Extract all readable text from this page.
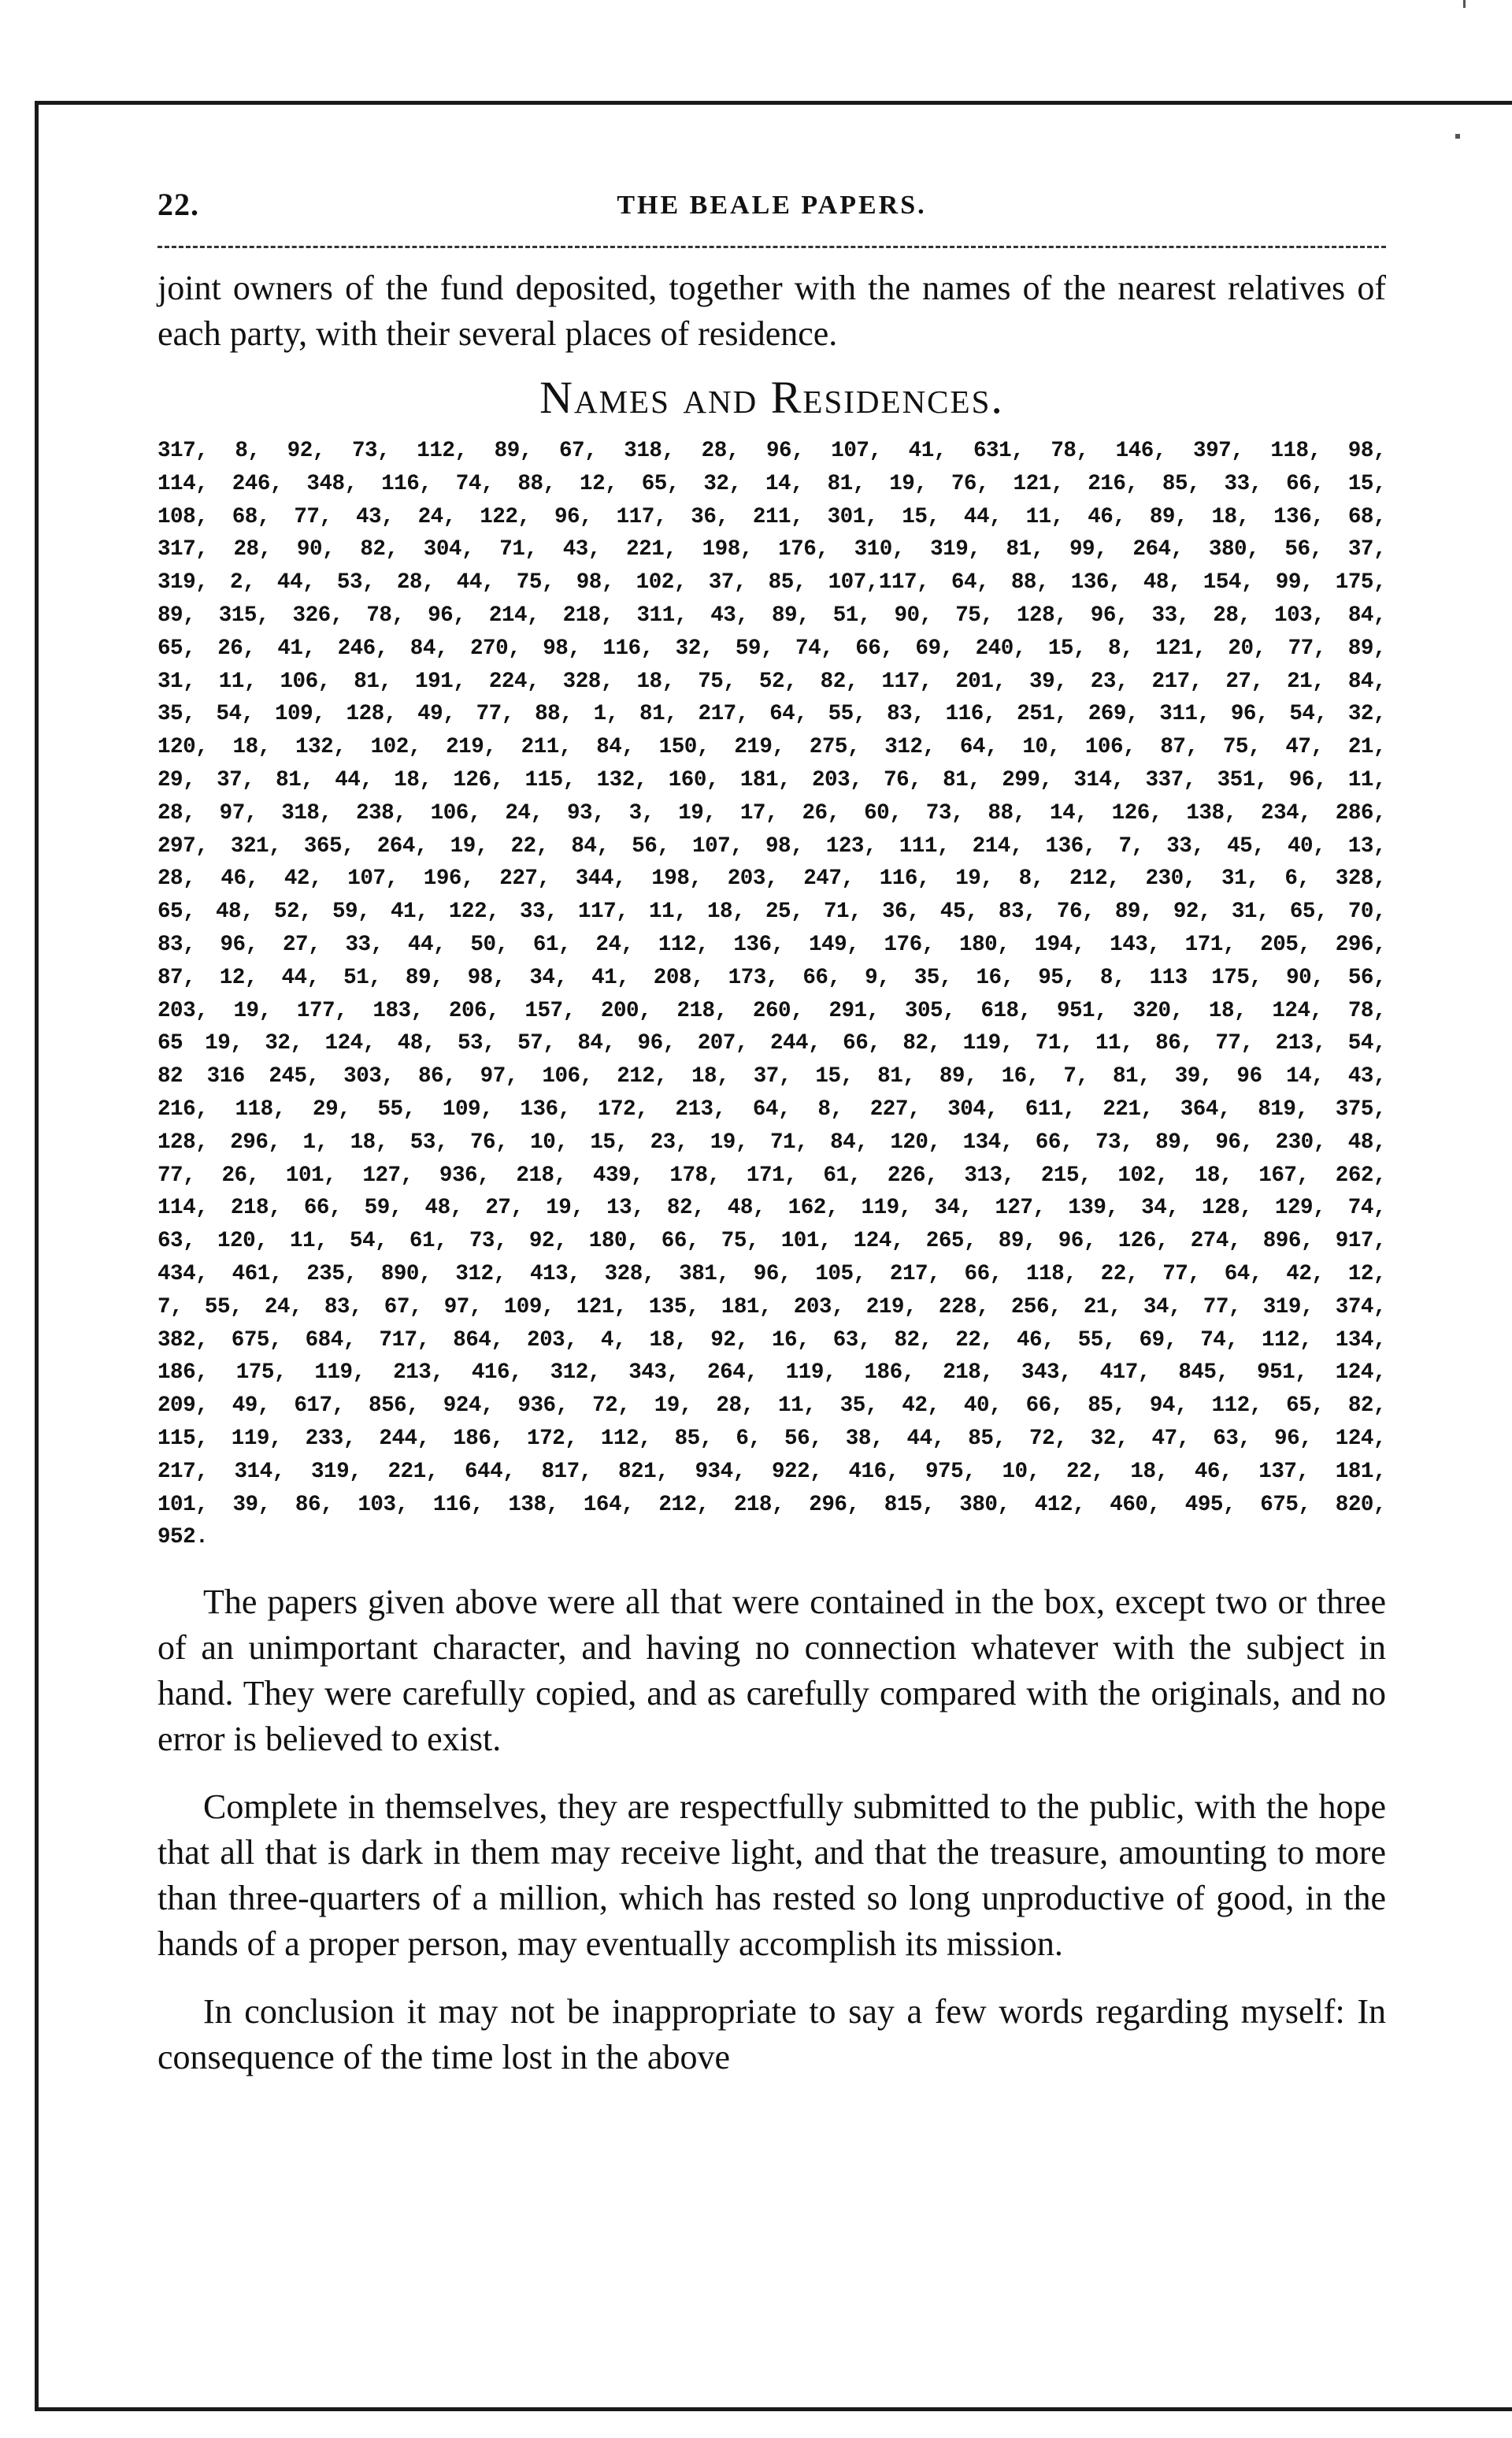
22.	THE BEALE PAPERS.

joint owners of the fund deposited, together with the names of the nearest relatives of each party, with their several places of residence.

Names and Residences.
317, 8, 92, 73, 112, 89, 67, 318, 28, 96, 107, 41, 631, 78, 146, 397, 118, 98,
114, 246, 348, 116, 74, 88, 12, 65, 32, 14, 81, 19, 76, 121, 216, 85, 33, 66, 15,
108, 68, 77, 43, 24, 122, 96, 117, 36, 211, 301, 15, 44, 11, 46, 89, 18, 136, 68,
317, 28, 90, 82, 304, 71, 43, 221, 198, 176, 310, 319, 81, 99, 264, 380, 56, 37,
319, 2, 44, 53, 28, 44, 75, 98, 102, 37, 85, 107,117, 64, 88, 136, 48, 154, 99, 175,
89, 315, 326, 78, 96, 214, 218, 311, 43, 89, 51, 90, 75, 128, 96, 33, 28, 103, 84,
65, 26, 41, 246, 84, 270, 98, 116, 32, 59, 74, 66, 69, 240, 15, 8, 121, 20, 77, 89,
31, 11, 106, 81, 191, 224, 328, 18, 75, 52, 82, 117, 201, 39, 23, 217, 27, 21, 84,
35, 54, 109, 128, 49, 77, 88, 1, 81, 217, 64, 55, 83, 116, 251, 269, 311, 96, 54, 32,
120, 18, 132, 102, 219, 211, 84, 150, 219, 275, 312, 64, 10, 106, 87, 75, 47, 21,
29, 37, 81, 44, 18, 126, 115, 132, 160, 181, 203, 76, 81, 299, 314, 337, 351, 96, 11,
28, 97, 318, 238, 106, 24, 93, 3, 19, 17, 26, 60, 73, 88, 14, 126, 138, 234, 286,
297, 321, 365, 264, 19, 22, 84, 56, 107, 98, 123, 111, 214, 136, 7, 33, 45, 40, 13,
28, 46, 42, 107, 196, 227, 344, 198, 203, 247, 116, 19, 8, 212, 230, 31, 6, 328,
65, 48, 52, 59, 41, 122, 33, 117, 11, 18, 25, 71, 36, 45, 83, 76, 89, 92, 31, 65, 70,
83, 96, 27, 33, 44, 50, 61, 24, 112, 136, 149, 176, 180, 194, 143, 171, 205, 296,
87, 12, 44, 51, 89, 98, 34, 41, 208, 173, 66, 9, 35, 16, 95, 8, 113 175, 90, 56,
203, 19, 177, 183, 206, 157, 200, 218, 260, 291, 305, 618, 951, 320, 18, 124, 78,
65 19, 32, 124, 48, 53, 57, 84, 96, 207, 244, 66, 82, 119, 71, 11, 86, 77, 213, 54,
82 316 245, 303, 86, 97, 106, 212, 18, 37, 15, 81, 89, 16, 7, 81, 39, 96 14, 43,
216, 118, 29, 55, 109, 136, 172, 213, 64, 8, 227, 304, 611, 221, 364, 819, 375,
128, 296, 1, 18, 53, 76, 10, 15, 23, 19, 71, 84, 120, 134, 66, 73, 89, 96, 230, 48,
77, 26, 101, 127, 936, 218, 439, 178, 171, 61, 226, 313, 215, 102, 18, 167, 262,
114, 218, 66, 59, 48, 27, 19, 13, 82, 48, 162, 119, 34, 127, 139, 34, 128, 129, 74,
63, 120, 11, 54, 61, 73, 92, 180, 66, 75, 101, 124, 265, 89, 96, 126, 274, 896, 917,
434, 461, 235, 890, 312, 413, 328, 381, 96, 105, 217, 66, 118, 22, 77, 64, 42, 12,
7, 55, 24, 83, 67, 97, 109, 121, 135, 181, 203, 219, 228, 256, 21, 34, 77, 319, 374,
382, 675, 684, 717, 864, 203, 4, 18, 92, 16, 63, 82, 22, 46, 55, 69, 74, 112, 134,
186, 175, 119, 213, 416, 312, 343, 264, 119, 186, 218, 343, 417, 845, 951, 124,
209, 49, 617, 856, 924, 936, 72, 19, 28, 11, 35, 42, 40, 66, 85, 94, 112, 65, 82,
115, 119, 233, 244, 186, 172, 112, 85, 6, 56, 38, 44, 85, 72, 32, 47, 63, 96, 124,
217, 314, 319, 221, 644, 817, 821, 934, 922, 416, 975, 10, 22, 18, 46, 137, 181,
101, 39, 86, 103, 116, 138, 164, 212, 218, 296, 815, 380, 412, 460, 495, 675, 820,
952.

The papers given above were all that were contained in the box, except two or three of an unimportant character, and having no connection whatever with the subject in hand. They were carefully copied, and as carefully compared with the originals, and no error is believed to exist.

Complete in themselves, they are respectfully submitted to the public, with the hope that all that is dark in them may receive light, and that the treasure, amounting to more than three-quarters of a million, which has rested so long unproductive of good, in the hands of a proper person, may eventually accomplish its mission.

In conclusion it may not be inappropriate to say a few words regarding myself: In consequence of the time lost in the above
